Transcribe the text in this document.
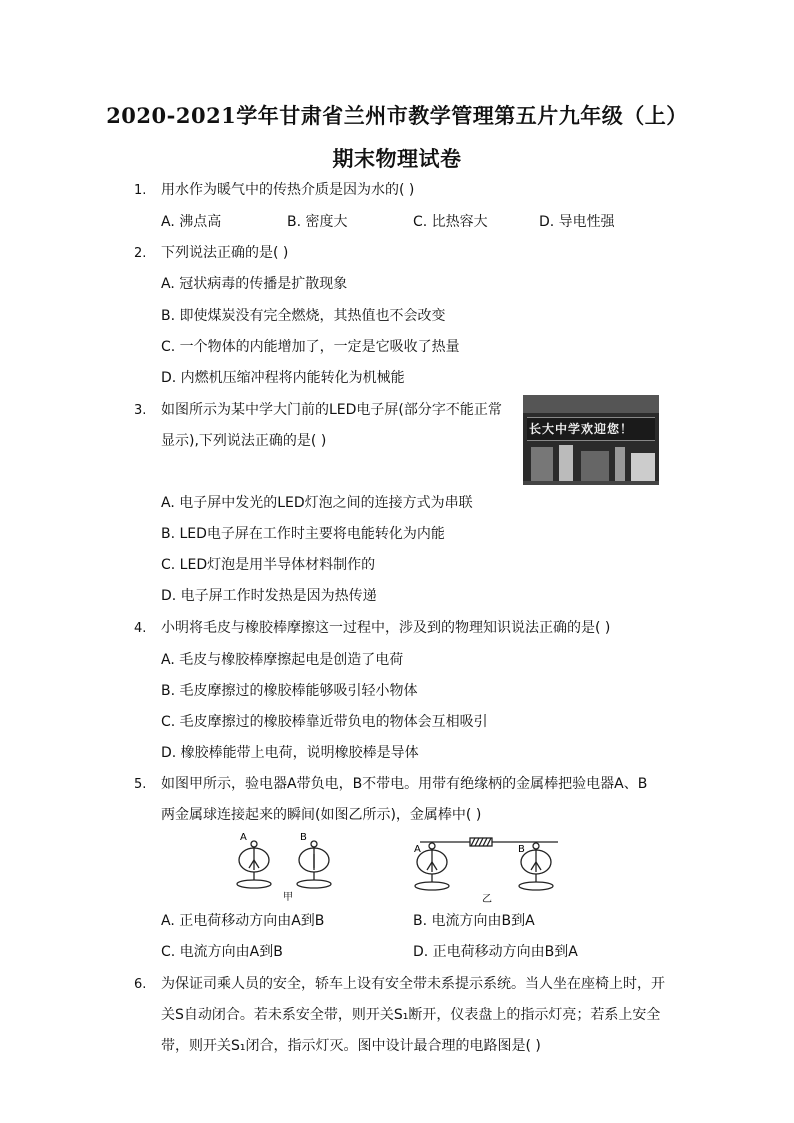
2020-2021学年甘肃省兰州市教学管理第五片九年级（上）
期末物理试卷
1. 用水作为暖气中的传热介质是因为水的( )
A. 沸点高	B. 密度大	C. 比热容大	D. 导电性强
2. 下列说法正确的是( )
A. 冠状病毒的传播是扩散现象
B. 即使煤炭没有完全燃烧，其热值也不会改变
C. 一个物体的内能增加了，一定是它吸收了热量
D. 内燃机压缩冲程将内能转化为机械能
3. 如图所示为某中学大门前的LED电子屏(部分字不能正常
显示),下列说法正确的是( )
长大中学欢迎您！
A. 电子屏中发光的LED灯泡之间的连接方式为串联
B. LED电子屏在工作时主要将电能转化为内能
C. LED灯泡是用半导体材料制作的
D. 电子屏工作时发热是因为热传递
4. 小明将毛皮与橡胶棒摩擦这一过程中，涉及到的物理知识说法正确的是( )
A. 毛皮与橡胶棒摩擦起电是创造了电荷
B. 毛皮摩擦过的橡胶棒能够吸引轻小物体
C. 毛皮摩擦过的橡胶棒靠近带负电的物体会互相吸引
D. 橡胶棒能带上电荷，说明橡胶棒是导体
5. 如图甲所示，验电器A带负电，B不带电。用带有绝缘柄的金属棒把验电器A、B
两金属球连接起来的瞬间(如图乙所示)，金属棒中( )
A	B
甲
A	B
乙
A. 正电荷移动方向由A到B	B. 电流方向由B到A
C. 电流方向由A到B	D. 正电荷移动方向由B到A
6. 为保证司乘人员的安全，轿车上设有安全带未系提示系统。当人坐在座椅上时，开
关S自动闭合。若未系安全带，则开关S₁断开，仪表盘上的指示灯亮；若系上安全
带，则开关S₁闭合，指示灯灭。图中设计最合理的电路图是( )
